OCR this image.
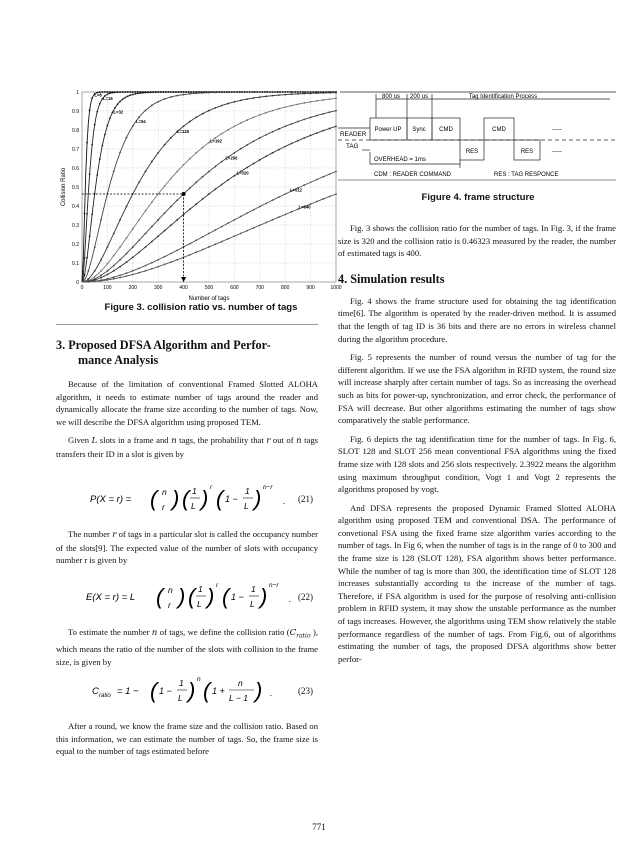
0	100	200	300	400	500	600	700	800	900	1000
0
0.1
0.2
0.3
0.4
0.5
0.6
0.7
0.8
0.9
1	L=8
L=16
L=32
L=64
L=128
L=192
L=256
L=320
L=512
L=640
Number of tags
Collision Ratio
Figure 3. collision ratio vs. number of tags
800 us 200 us	Tag Identification Process
READER
TAG
Power UP Sync CMD	CMD	-----
RES	RES	-----
OVERHEAD = 1ms
CDM : READER COMMAND	RES : TAG RESPONCE
Figure 4. frame structure
3. Proposed DFSA Algorithm and Perfor-
mance Analysis

Because of the limitation of conventional Framed Slotted ALOHA algorithm, it needs to estimate number of tags around the reader and dynamically allocate the frame size according to the number of tags. Now, we will describe the DFSA algorithm using proposed TEM.

Given L slots in a frame and n tags, the probability that r out of n tags transfers their ID in a slot is given by

P(X = r) = ( n
r ) ( 1
L ) r ( 1 −
1
L ) n−r
. (21)

The number r of tags in a particular slot is called the occupancy number of the slots[9]. The expected value of the number of slots with occupancy number r is given by

E(X = r) = L ( n
r ) ( 1
L ) r ( 1 −
1
L ) n−r
. (22)

To estimate the number n of tags, we define the collision ratio ($C_{ratio}$ ), which means the ratio of the number of the slots with collision to the frame size, is given by

C ratio = 1 − ( 1 −
1
L ) n ( 1 +
n
L − 1 ) .	(23)

After a round, we know the frame size and the collision ratio. Based on this information, we can estimate the number of tags. So, the frame size is equal to the number of tags estimated before

Fig. 3 shows the collision ratio for the number of tags. In Fig. 3, if the frame size is 320 and the collision ratio is 0.46323 measured by the reader, the number of estimated tags is 400.

4. Simulation results

Fig. 4 shows the frame structure used for obtaining the tag identification time[6]. The algorithm is operated by the reader-driven method. It is assumed that the length of tag ID is 36 bits and there are no errors in wireless channel during the algorithm procedure.

Fig. 5 represents the number of round versus the number of tag for the different algorithm. If we use the FSA algorithm in RFID system, the round size will increase sharply after certain number of tags. So as increasing the overhead such as bits for power-up, synchronization, and error check, the performance of FSA will decrease. But other algorithms estimating the number of tags show comparatively the stable performance.

Fig. 6 depicts the tag identification time for the number of tags. In Fig. 6, SLOT 128 and SLOT 256 mean conventional FSA algorithms using the fixed frame size with 128 slots and 256 slots respectively. 2.3922 means the algorithm using maximum throughput condition, Vogt 1 and Vogt 2 represents the algorithms proposed by vogt.

And DFSA represents the proposed Dynamic Framed Slotted ALOHA algorithm using proposed TEM and conventional DSA. The performance of convetional FSA using the fixed frame size algorithm varies according to the number of tags. In Fig 6, when the number of tags is in the range of 0 to 300 and the frame size is 128 (SLOT 128), FSA algorithm shows better performance. While the number of tag is more than 300, the identification time of SLOT 128 increases substantially according to the increase of the number of tags. Therefore, if FSA algorithm is used for the purpose of resolving anti-collision problem in RFID system, it may show the unstable performance as the number of tags increases. However, the algorithms using TEM show relatively the stable performance regardless of the number of tags. From Fig.6, out of algorithms estimating the number of tags, the proposed DFSA algorithms show better perfor-

771
